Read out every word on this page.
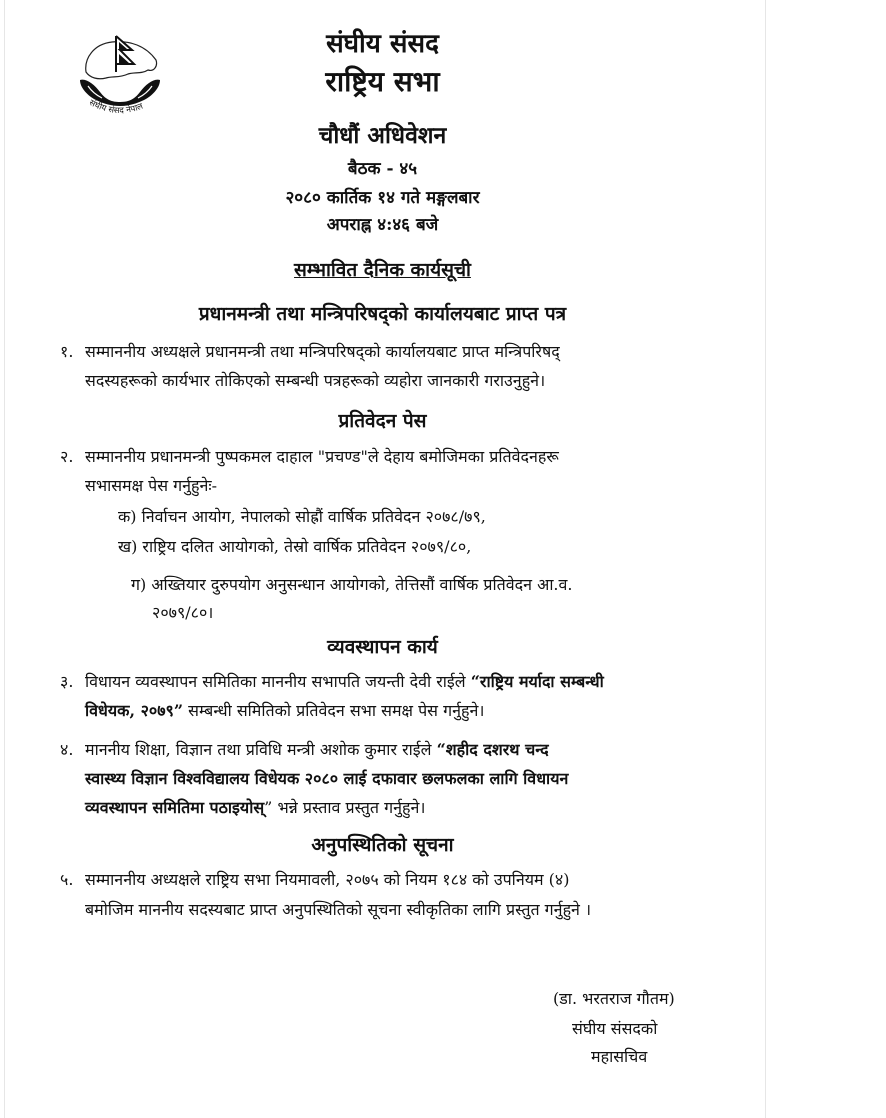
संघीय संसद नेपाल
संघीय संसद
राष्ट्रिय सभा
चौधौं अधिवेशन
बैठक - ४५
२०८० कार्तिक १४ गते मङ्गलबार
अपराह्न ४:४६ बजे
सम्भावित दैनिक कार्यसूची
प्रधानमन्त्री तथा मन्त्रिपरिषद्को कार्यालयबाट प्राप्त पत्र
१. सम्माननीय अध्यक्षले प्रधानमन्त्री तथा मन्त्रिपरिषद्को कार्यालयबाट प्राप्त मन्त्रिपरिषद्
सदस्यहरूको कार्यभार तोकिएको सम्बन्धी पत्रहरूको व्यहोरा जानकारी गराउनुहुने।
प्रतिवेदन पेस
२. सम्माननीय प्रधानमन्त्री पुष्पकमल दाहाल "प्रचण्ड"ले देहाय बमोजिमका प्रतिवेदनहरू
सभासमक्ष पेस गर्नुहुनेः-
क) निर्वाचन आयोग, नेपालको सोह्रौं वार्षिक प्रतिवेदन २०७८/७९,
ख) राष्ट्रिय दलित आयोगको, तेस्रो वार्षिक प्रतिवेदन २०७९/८०,
ग) अख्तियार दुरुपयोग अनुसन्धान आयोगको, तेत्तिसौं वार्षिक प्रतिवेदन आ.व.
२०७९/८०।
व्यवस्थापन कार्य
३. विधायन व्यवस्थापन समितिका माननीय सभापति जयन्ती देवी राईले “राष्ट्रिय मर्यादा सम्बन्धी
विधेयक, २०७९” सम्बन्धी समितिको प्रतिवेदन सभा समक्ष पेस गर्नुहुने।
४. माननीय शिक्षा, विज्ञान तथा प्रविधि मन्त्री अशोक कुमार राईले “शहीद दशरथ चन्द
स्वास्थ्य विज्ञान विश्वविद्यालय विधेयक २०८० लाई दफावार छलफलका लागि विधायन
व्यवस्थापन समितिमा पठाइयोस्” भन्ने प्रस्ताव प्रस्तुत गर्नुहुने।
अनुपस्थितिको सूचना
५. सम्माननीय अध्यक्षले राष्ट्रिय सभा नियमावली, २०७५ को नियम १८४ को उपनियम (४)
बमोजिम माननीय सदस्यबाट प्राप्त अनुपस्थितिको सूचना स्वीकृतिका लागि प्रस्तुत गर्नुहुने ।
(डा. भरतराज गौतम)
संघीय संसदको
महासचिव
